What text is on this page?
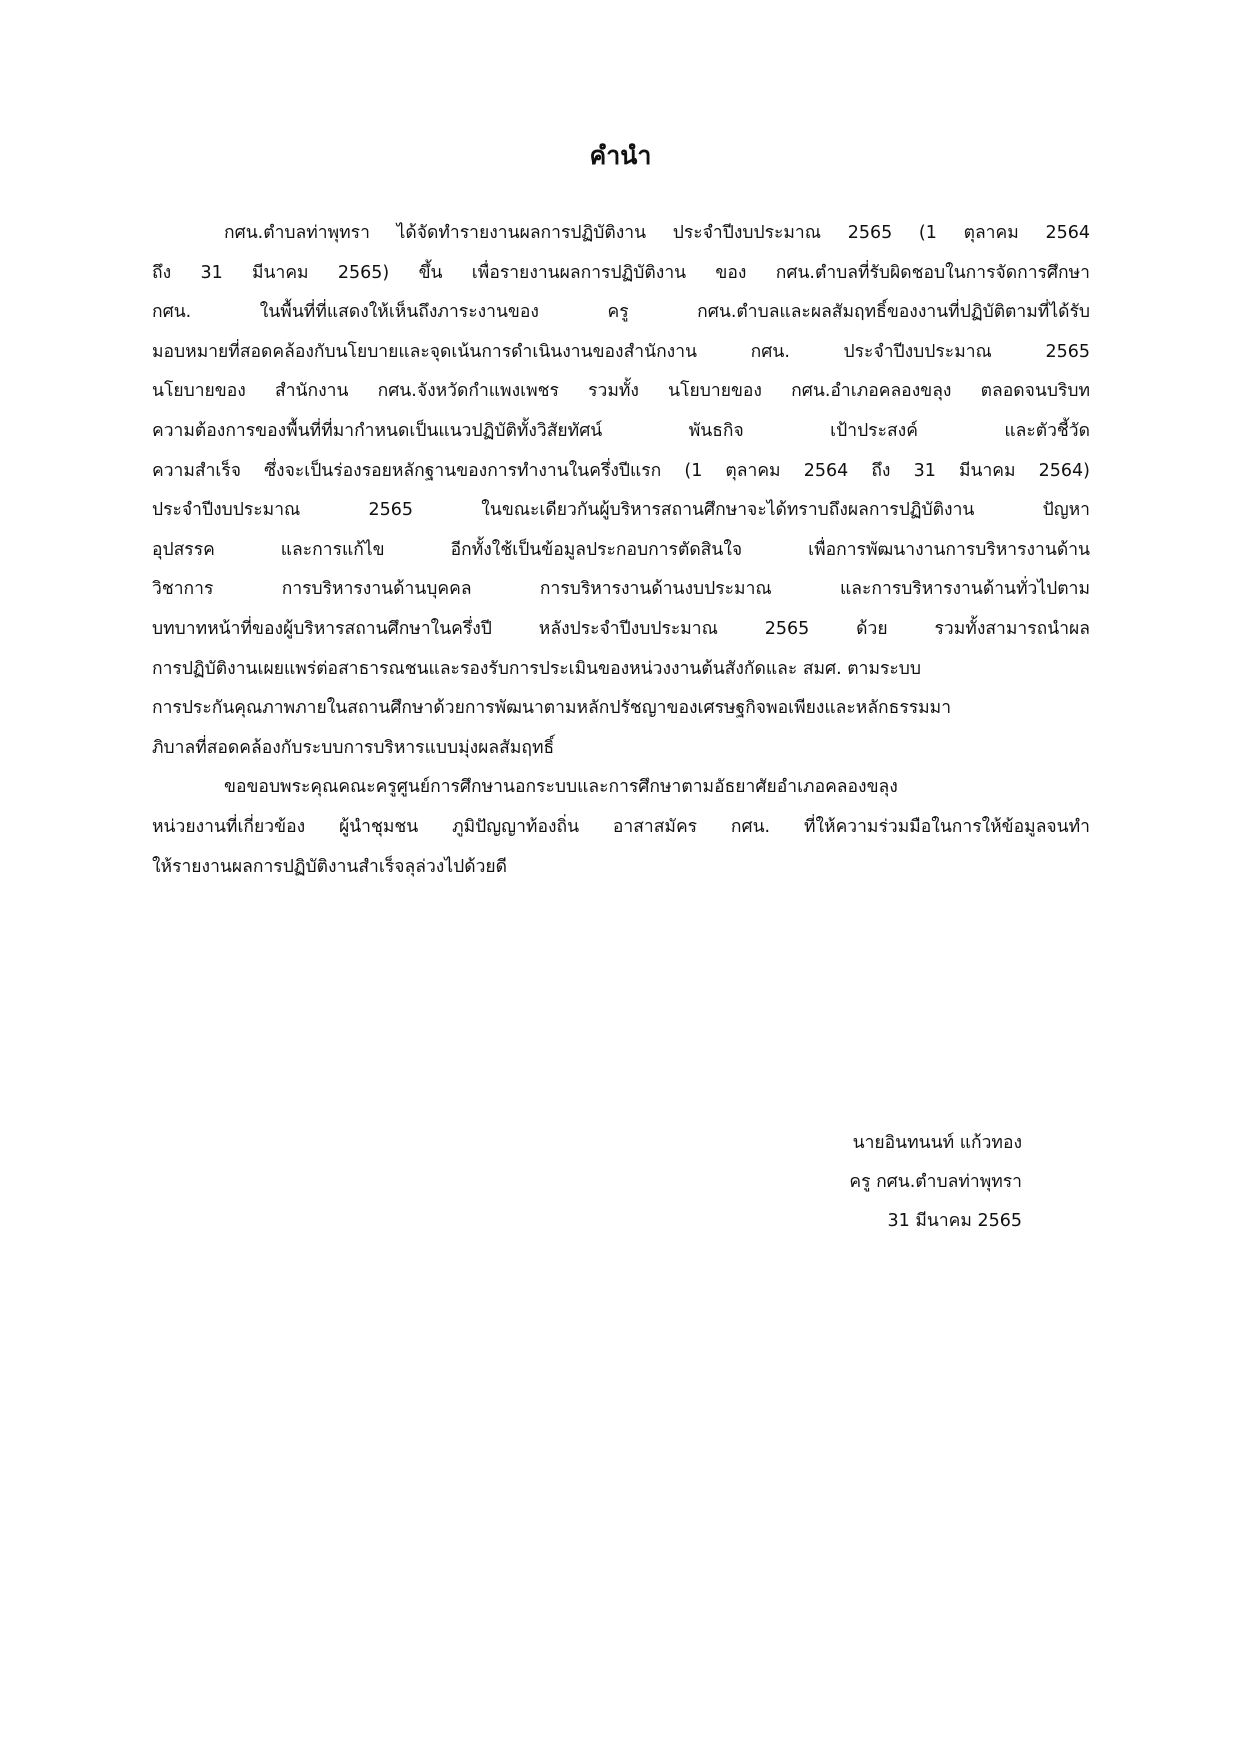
คำนำ
กศน.ตำบลท่าพุทรา ได้จัดทำรายงานผลการปฏิบัติงาน ประจำปีงบประมาณ 2565 (1 ตุลาคม 2564
ถึง 31 มีนาคม 2565) ขึ้น เพื่อรายงานผลการปฏิบัติงาน ของ กศน.ตำบลที่รับผิดชอบในการจัดการศึกษา
กศน. ในพื้นที่ที่แสดงให้เห็นถึงภาระงานของ ครู กศน.ตำบลและผลสัมฤทธิ์ของงานที่ปฏิบัติตามที่ได้รับ
มอบหมายที่สอดคล้องกับนโยบายและจุดเน้นการดำเนินงานของสำนักงาน กศน. ประจำปีงบประมาณ 2565
นโยบายของ สำนักงาน กศน.จังหวัดกำแพงเพชร รวมทั้ง นโยบายของ กศน.อำเภอคลองขลุง ตลอดจนบริบท
ความต้องการของพื้นที่ที่มากำหนดเป็นแนวปฏิบัติทั้งวิสัยทัศน์ พันธกิจ เป้าประสงค์ และตัวชี้วัด
ความสำเร็จ ซึ่งจะเป็นร่องรอยหลักฐานของการทำงานในครึ่งปีแรก (1 ตุลาคม 2564 ถึง 31 มีนาคม 2564)
ประจำปีงบประมาณ 2565 ในขณะเดียวกันผู้บริหารสถานศึกษาจะได้ทราบถึงผลการปฏิบัติงาน ปัญหา
อุปสรรค และการแก้ไข อีกทั้งใช้เป็นข้อมูลประกอบการตัดสินใจ เพื่อการพัฒนางานการบริหารงานด้าน
วิชาการ การบริหารงานด้านบุคคล การบริหารงานด้านงบประมาณ และการบริหารงานด้านทั่วไปตาม
บทบาทหน้าที่ของผู้บริหารสถานศึกษาในครึ่งปี หลังประจำปีงบประมาณ 2565 ด้วย รวมทั้งสามารถนำผล
การปฏิบัติงานเผยแพร่ต่อสาธารณชนและรองรับการประเมินของหน่วงงานต้นสังกัดและ สมศ. ตามระบบ
การประกันคุณภาพภายในสถานศึกษาด้วยการพัฒนาตามหลักปรัชญาของเศรษฐกิจพอเพียงและหลักธรรมมา
ภิบาลที่สอดคล้องกับระบบการบริหารแบบมุ่งผลสัมฤทธิ์
ขอขอบพระคุณคณะครูศูนย์การศึกษานอกระบบและการศึกษาตามอัธยาศัยอำเภอคลองขลุง
หน่วยงานที่เกี่ยวข้อง ผู้นำชุมชน ภูมิปัญญาท้องถิ่น อาสาสมัคร กศน. ที่ให้ความร่วมมือในการให้ข้อมูลจนทำ
ให้รายงานผลการปฏิบัติงานสำเร็จลุล่วงไปด้วยดี
นายอินทนนท์ แก้วทอง
ครู กศน.ตำบลท่าพุทรา
31 มีนาคม 2565
